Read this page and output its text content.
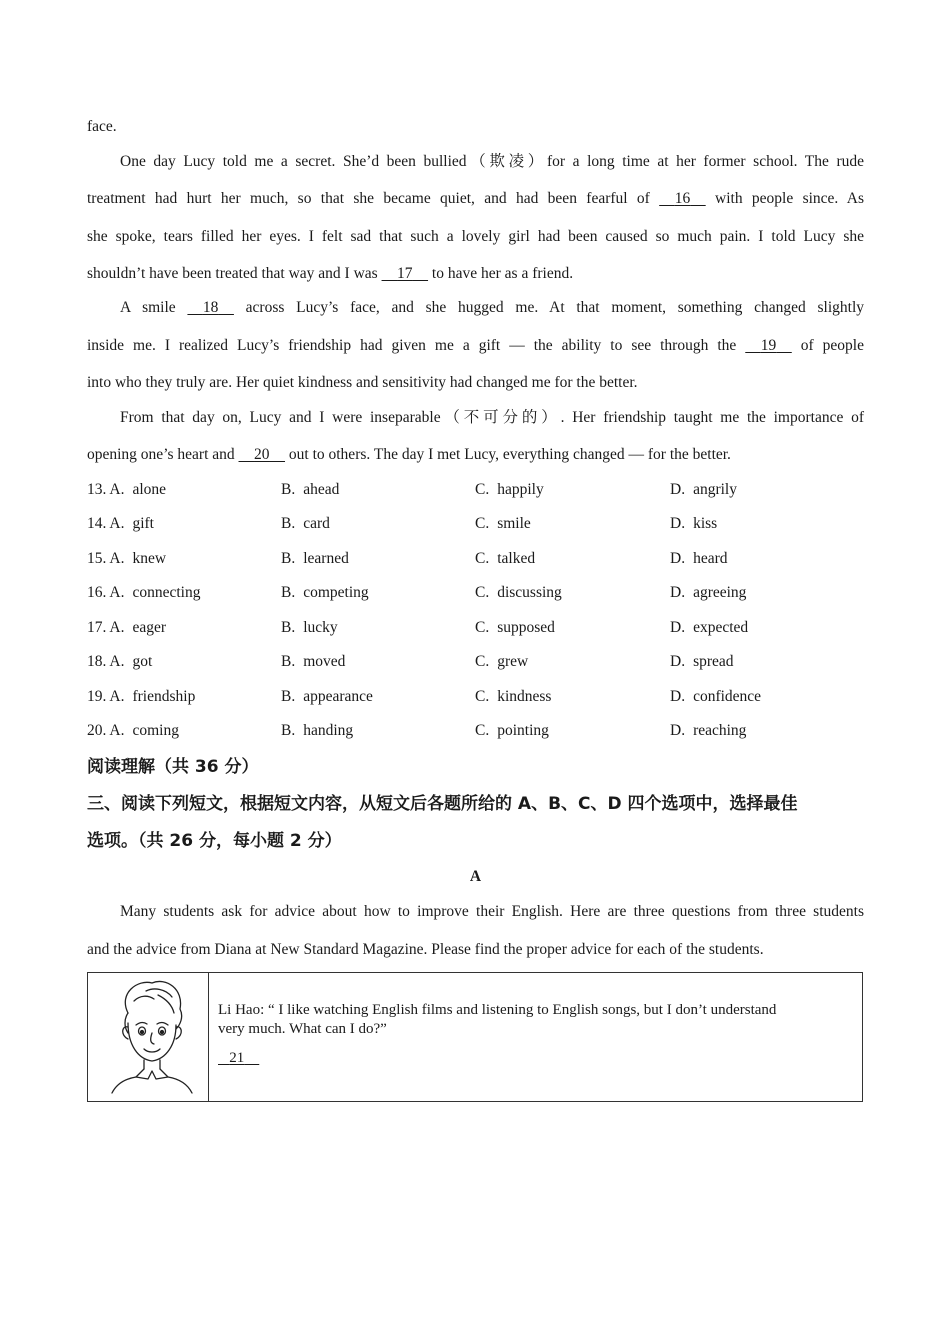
face.
One day Lucy told me a secret. She’d been bullied（欺凌）for a long time at her former school. The rude
treatment had hurt her much, so that she became quiet, and had been fearful of 16 with people since. As
she spoke, tears filled her eyes. I felt sad that such a lovely girl had been caused so much pain. I told Lucy she
shouldn’t have been treated that way and I was 17 to have her as a friend.
A smile 18 across Lucy’s face, and she hugged me. At that moment, something changed slightly
inside me. I realized Lucy’s friendship had given me a gift — the ability to see through the 19 of people
into who they truly are. Her quiet kindness and sensitivity had changed me for the better.
From that day on, Lucy and I were inseparable（不可分的）. Her friendship taught me the importance of
opening one’s heart and 20 out to others. The day I met Lucy, everything changed — for the better.
13. A. alone	B. ahead	C. happily	D. angrily
14. A. gift	B. card	C. smile	D. kiss
15. A. knew	B. learned	C. talked	D. heard
16. A. connecting	B. competing	C. discussing	D. agreeing
17. A. eager	B. lucky	C. supposed	D. expected
18. A. got	B. moved	C. grew	D. spread
19. A. friendship	B. appearance	C. kindness	D. confidence
20. A. coming	B. handing	C. pointing	D. reaching
阅读理解（共 36 分）
三、阅读下列短文，根据短文内容，从短文后各题所给的 A、B、C、D 四个选项中，选择最佳
选项。（共 26 分，每小题 2 分）
A
Many students ask for advice about how to improve their English. Here are three questions from three students
and the advice from Diana at New Standard Magazine. Please find the proper advice for each of the students.
Li Hao: “ I like watching English films and listening to English songs, but I don’t understand
very much. What can I do?”
21
